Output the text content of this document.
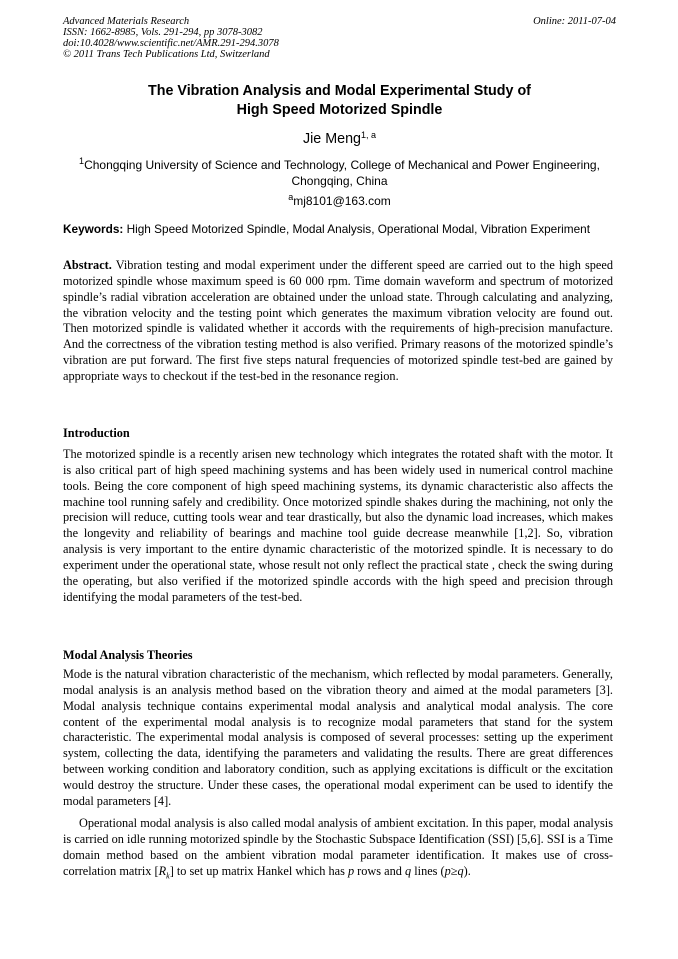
Advanced Materials Research
ISSN: 1662-8985, Vols. 291-294, pp 3078-3082
doi:10.4028/www.scientific.net/AMR.291-294.3078
© 2011 Trans Tech Publications Ltd, Switzerland
Online: 2011-07-04
The Vibration Analysis and Modal Experimental Study of
High Speed Motorized Spindle
Jie Meng$^{1, a}$
$^1$Chongqing University of Science and Technology, College of Mechanical and Power Engineering,
Chongqing, China
$^a$mj8101@163.com
Keywords: High Speed Motorized Spindle, Modal Analysis, Operational Modal, Vibration Experiment

Abstract. Vibration testing and modal experiment under the different speed are carried out to the high speed motorized spindle whose maximum speed is 60 000 rpm. Time domain waveform and spectrum of motorized spindle’s radial vibration acceleration are obtained under the unload state. Through calculating and analyzing, the vibration velocity and the testing point which generates the maximum vibration velocity are found out. Then motorized spindle is validated whether it accords with the requirements of high-precision manufacture. And the correctness of the vibration testing method is also verified. Primary reasons of the motorized spindle’s vibration are put forward. The first five steps natural frequencies of motorized spindle test-bed are gained by appropriate ways to checkout if the test-bed in the resonance region.

Introduction

The motorized spindle is a recently arisen new technology which integrates the rotated shaft with the motor. It is also critical part of high speed machining systems and has been widely used in numerical control machine tools. Being the core component of high speed machining systems, its dynamic characteristic also affects the machine tool running safely and credibility. Once motorized spindle shakes during the machining, not only the precision will reduce, cutting tools wear and tear drastically, but also the dynamic load increases, which makes the longevity and reliability of bearings and machine tool guide decrease meanwhile [1,2]. So, vibration analysis is very important to the entire dynamic characteristic of the motorized spindle. It is necessary to do experiment under the operational state, whose result not only reflect the practical state , check the swing during the operating, but also verified if the motorized spindle accords with the high speed and precision through identifying the modal parameters of the test-bed.

Modal Analysis Theories

Mode is the natural vibration characteristic of the mechanism, which reflected by modal parameters. Generally, modal analysis is an analysis method based on the vibration theory and aimed at the modal parameters [3]. Modal analysis technique contains experimental modal analysis and analytical modal analysis. The core content of the experimental modal analysis is to recognize modal parameters that stand for the system characteristic. The experimental modal analysis is composed of several processes: setting up the experiment system, collecting the data, identifying the parameters and validating the results. There are great differences between working condition and laboratory condition, such as applying excitations is difficult or the excitation would destroy the structure. Under these cases, the operational modal experiment can be used to identify the modal parameters [4].

Operational modal analysis is also called modal analysis of ambient excitation. In this paper, modal analysis is carried on idle running motorized spindle by the Stochastic Subspace Identification (SSI) [5,6]. SSI is a Time domain method based on the ambient vibration modal parameter identification. It makes use of cross-correlation matrix $[R_k]$ to set up matrix Hankel which has p rows and q lines (p≥q).
